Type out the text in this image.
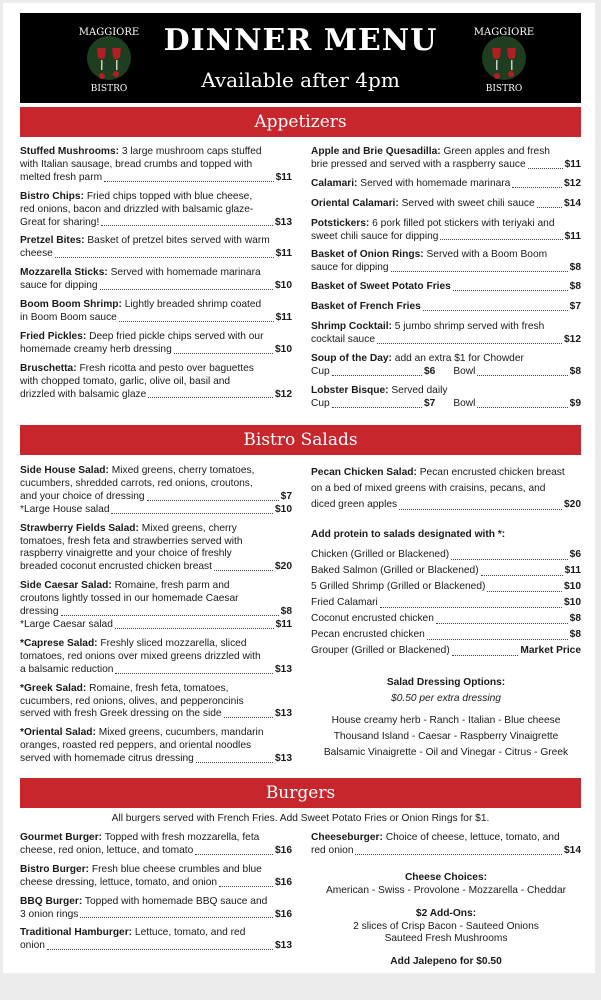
MAGGIORE
BISTRO
MAGGIORE
BISTRO
DINNER MENU
Available after 4pm
Appetizers
Stuffed Mushrooms: 3 large mushroom caps stuffed
with Italian sausage, bread crumbs and topped with
melted fresh parm	$11
Bistro Chips: Fried chips topped with blue cheese,
red onions, bacon and drizzled with balsamic glaze-
Great for sharing!	$13
Pretzel Bites: Basket of pretzel bites served with warm
cheese	$11
Mozzarella Sticks: Served with homemade marinara
sauce for dipping	$10
Boom Boom Shrimp: Lightly breaded shrimp coated
in Boom Boom sauce	$11
Fried Pickles: Deep fried pickle chips served with our
homemade creamy herb dressing	$10
Bruschetta: Fresh ricotta and pesto over baguettes
with chopped tomato, garlic, olive oil, basil and
drizzled with balsamic glaze	$12
Apple and Brie Quesadilla: Green apples and fresh
brie pressed and served with a raspberry sauce	$11
Calamari: Served with homemade marinara	$12
Oriental Calamari: Served with sweet chili sauce	$14
Potstickers: 6 pork filled pot stickers with teriyaki and
sweet chili sauce for dipping	$11
Basket of Onion Rings: Served with a Boom Boom
sauce for dipping	$8
Basket of Sweet Potato Fries	$8
Basket of French Fries	$7
Shrimp Cocktail: 5 jumbo shrimp served with fresh
cocktail sauce	$12
Soup of the Day: add an extra $1 for Chowder
Cup	$6 Bowl	$8
Lobster Bisque: Served daily
Cup	$7 Bowl	$9
Bistro Salads
Side House Salad: Mixed greens, cherry tomatoes,
cucumbers, shredded carrots, red onions, croutons,
and your choice of dressing	$7
*Large House salad	$10
Strawberry Fields Salad: Mixed greens, cherry
tomatoes, fresh feta and strawberries served with
raspberry vinaigrette and your choice of freshly
breaded coconut encrusted chicken breast	$20
Side Caesar Salad: Romaine, fresh parm and
croutons lightly tossed in our homemade Caesar
dressing	$8
*Large Caesar salad	$11
*Caprese Salad: Freshly sliced mozzarella, sliced
tomatoes, red onions over mixed greens drizzled with
a balsamic reduction	$13
*Greek Salad: Romaine, fresh feta, tomatoes,
cucumbers, red onions, olives, and pepperoncinis
served with fresh Greek dressing on the side	$13
*Oriental Salad: Mixed greens, cucumbers, mandarin
oranges, roasted red peppers, and oriental noodles
served with homemade citrus dressing	$13
Pecan Chicken Salad: Pecan encrusted chicken breast
on a bed of mixed greens with craisins, pecans, and
diced green apples	$20
Add protein to salads designated with *:
Chicken (Grilled or Blackened)	$6
Baked Salmon (Grilled or Blackened)	$11
5 Grilled Shrimp (Grilled or Blackened)	$10
Fried Calamari	$10
Coconut encrusted chicken	$8
Pecan encrusted chicken	$8
Grouper (Grilled or Blackened)	Market Price
Salad Dressing Options:
$0.50 per extra dressing
House creamy herb - Ranch - Italian - Blue cheese
Thousand Island - Caesar - Raspberry Vinaigrette
Balsamic Vinaigrette - Oil and Vinegar - Citrus - Greek
Burgers
All burgers served with French Fries. Add Sweet Potato Fries or Onion Rings for $1.
Gourmet Burger: Topped with fresh mozzarella, feta
cheese, red onion, lettuce, and tomato	$16
Bistro Burger: Fresh blue cheese crumbles and blue
cheese dressing, lettuce, tomato, and onion	$16
BBQ Burger: Topped with homemade BBQ sauce and
3 onion rings	$16
Traditional Hamburger: Lettuce, tomato, and red
onion	$13
Cheeseburger: Choice of cheese, lettuce, tomato, and
red onion	$14
Cheese Choices:
American - Swiss - Provolone - Mozzarella - Cheddar
$2 Add-Ons:
2 slices of Crisp Bacon - Sauteed Onions
Sauteed Fresh Mushrooms
Add Jalepeno for $0.50
